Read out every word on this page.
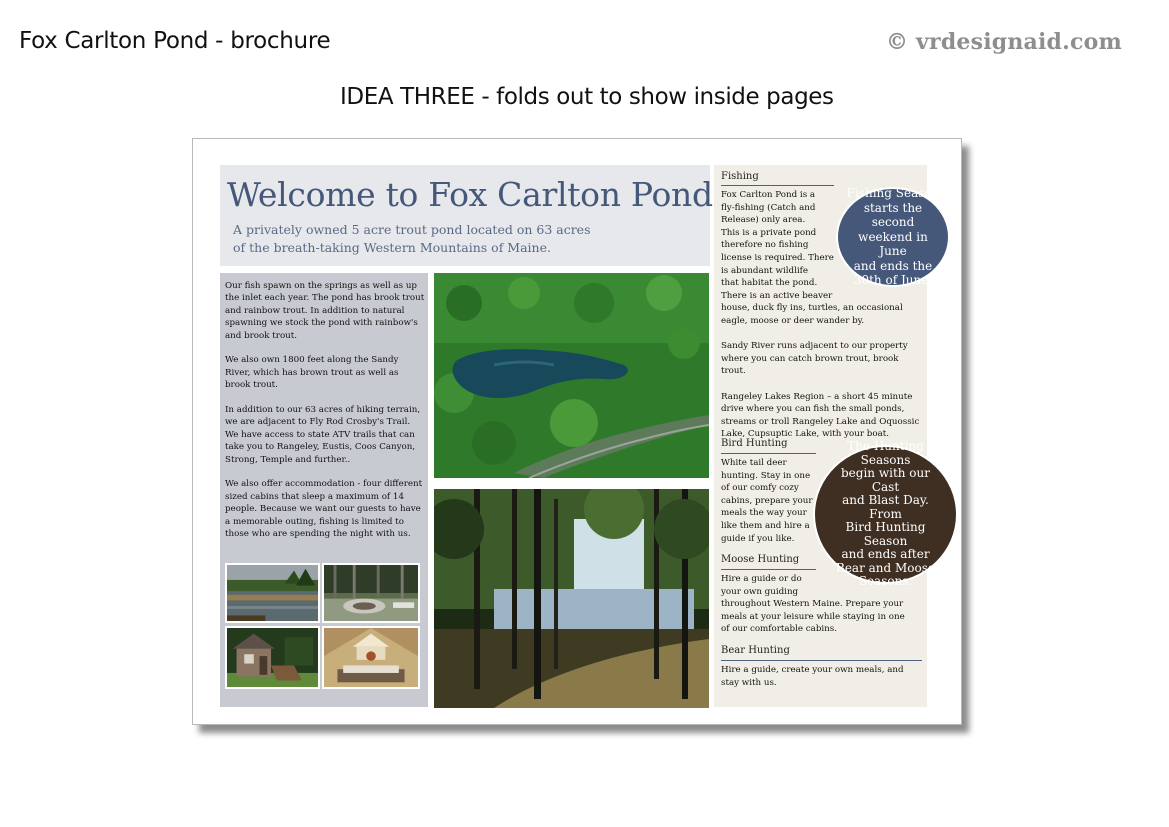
Fox Carlton Pond - brochure	© vrdesignaid.com
IDEA THREE - folds out to show inside pages
Welcome to Fox Carlton Pond
A privately owned 5 acre trout pond located on 63 acres
of the breath-taking Western Mountains of Maine.

Our fish spawn on the springs as well as up the inlet each year. The pond has brook trout and rainbow trout. In addition to natural spawning we stock the pond with rainbow's and brook trout.

We also own 1800 feet along the Sandy River, which has brown trout as well as brook trout.

In addition to our 63 acres of hiking terrain, we are adjacent to Fly Rod Crosby's Trail. We have access to state ATV trails that can take you to Rangeley, Eustis, Coos Canyon, Strong, Temple and further..

We also offer accommodation - four different sized cabins that sleep a maximum of 14 people. Because we want our guests to have a memorable outing, fishing is limited to those who are spending the night with us.

Fishing
Fox Carlton Pond is a
fly-fishing (Catch and
Release) only area.
This is a private pond
therefore no fishing
license is required. There
is abundant wildlife
that habitat the pond.
There is an active beaver
house, duck fly ins, turtles, an occasional
eagle, moose or deer wander by.

Sandy River runs adjacent to our property where you can catch brown trout, brook trout.

Rangeley Lakes Region – a short 45 minute drive where you can fish the small ponds, streams or troll Rangeley Lake and Oquossic Lake, Cupsuptic Lake, with your boat.

Bird Hunting
White tail deer
hunting. Stay in one
of our comfy cozy
cabins, prepare your
meals the way your
like them and hire a
guide if you like.
Moose Hunting
Hire a guide or do
your own guiding
throughout Western Maine. Prepare your
meals at your leisure while staying in one
of our comfortable cabins.
Bear Hunting
Hire a guide, create your own meals, and
stay with us.
Fishing Season
starts the second
weekend in June
and ends the
30th of June.
The Hunting
Seasons
begin with our Cast
and Blast Day. From
Bird Hunting Season
and ends after
Bear and Moose
Seasons.
